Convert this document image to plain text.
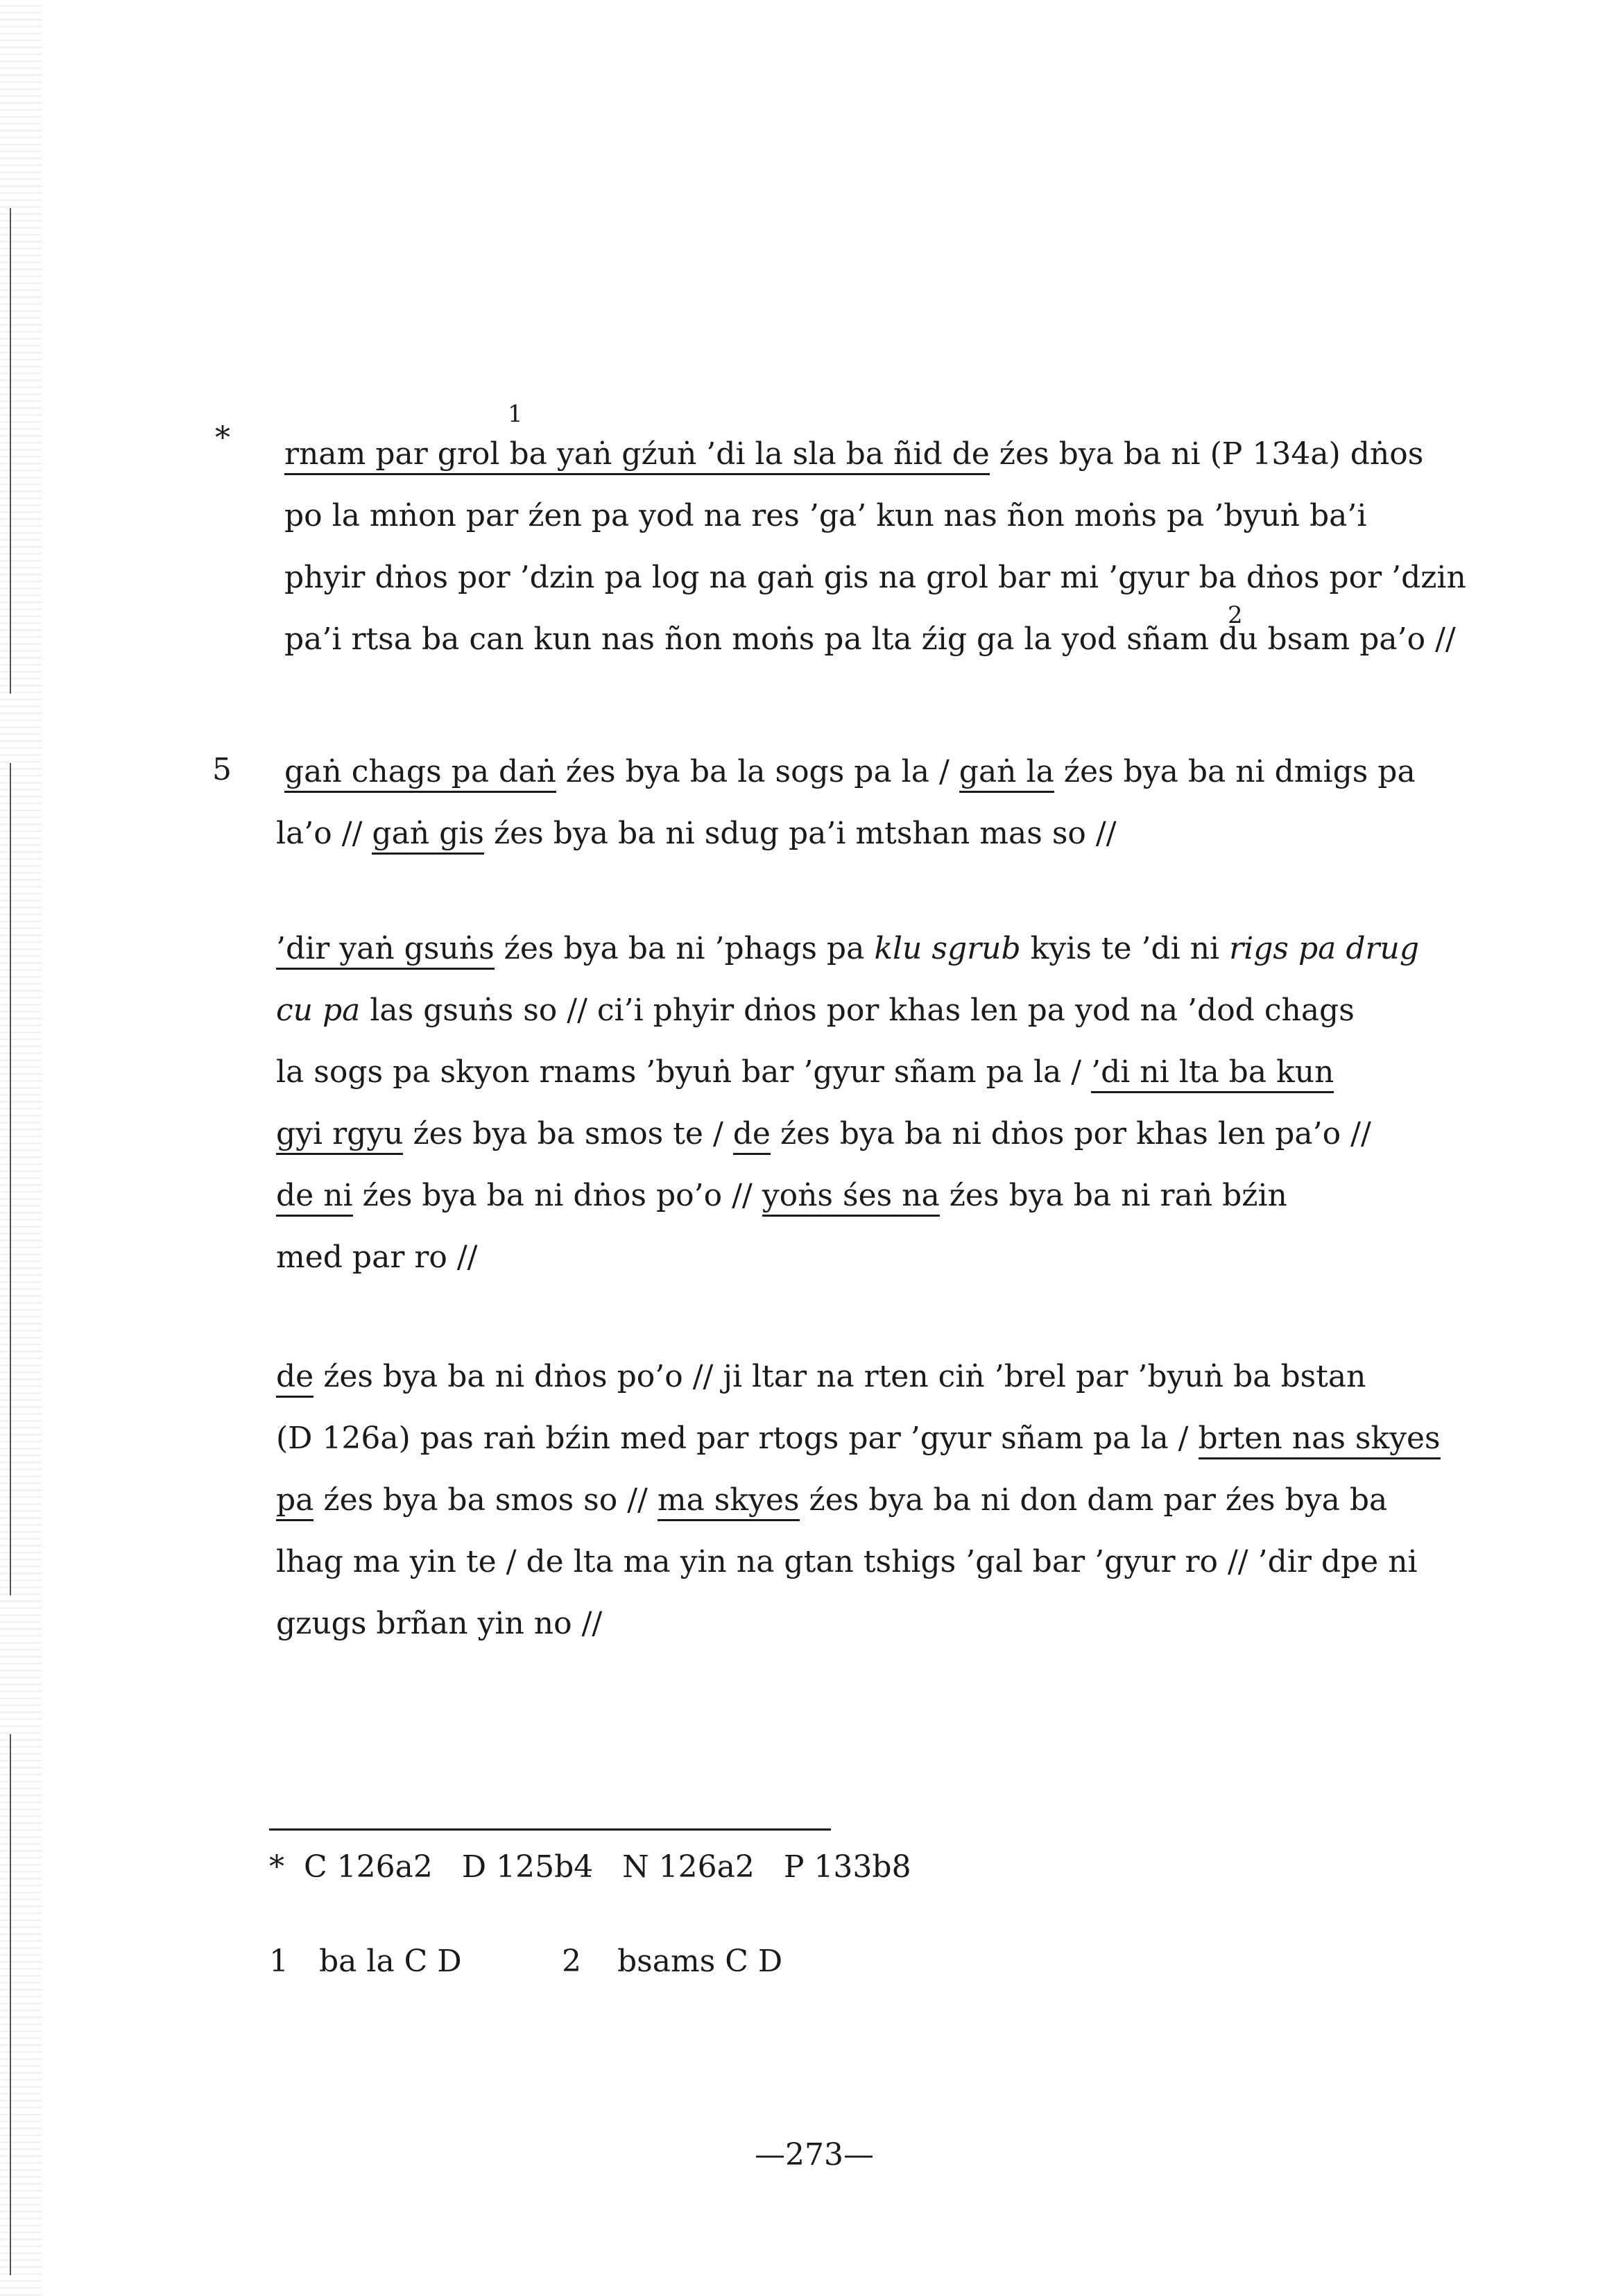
*
1
rnam par grol ba yaṅ gźuṅ ’di la sla ba ñid de źes bya ba ni (P 134a) dṅos
po la mṅon par źen pa yod na res ’ga’ kun nas ñon moṅs pa ’byuṅ ba’i
phyir dṅos por ’dzin pa log na gaṅ gis na grol bar mi ’gyur ba dṅos por ’dzin
2
pa’i rtsa ba can kun nas ñon moṅs pa lta źig ga la yod sñam du bsam pa’o //
5 gaṅ chags pa daṅ źes bya ba la sogs pa la / gaṅ la źes bya ba ni dmigs pa
la’o // gaṅ gis źes bya ba ni sdug pa’i mtshan mas so //
’dir yaṅ gsuṅs źes bya ba ni ’phags pa klu sgrub kyis te ’di ni rigs pa drug
cu pa las gsuṅs so // ci’i phyir dṅos por khas len pa yod na ’dod chags
la sogs pa skyon rnams ’byuṅ bar ’gyur sñam pa la / ’di ni lta ba kun
gyi rgyu źes bya ba smos te / de źes bya ba ni dṅos por khas len pa’o //
de ni źes bya ba ni dṅos po’o // yoṅs śes na źes bya ba ni raṅ bźin
med par ro //
de źes bya ba ni dṅos po’o // ji ltar na rten ciṅ ’brel par ’byuṅ ba bstan
(D 126a) pas raṅ bźin med par rtogs par ’gyur sñam pa la / brten nas skyes
pa źes bya ba smos so // ma skyes źes bya ba ni don dam par źes bya ba
lhag ma yin te / de lta ma yin na gtan tshigs ’gal bar ’gyur ro // ’dir dpe ni
gzugs brñan yin no //
* C 126a2   D 125b4   N 126a2   P 133b8
1 ba la C D	2 bsams C D
—273—
